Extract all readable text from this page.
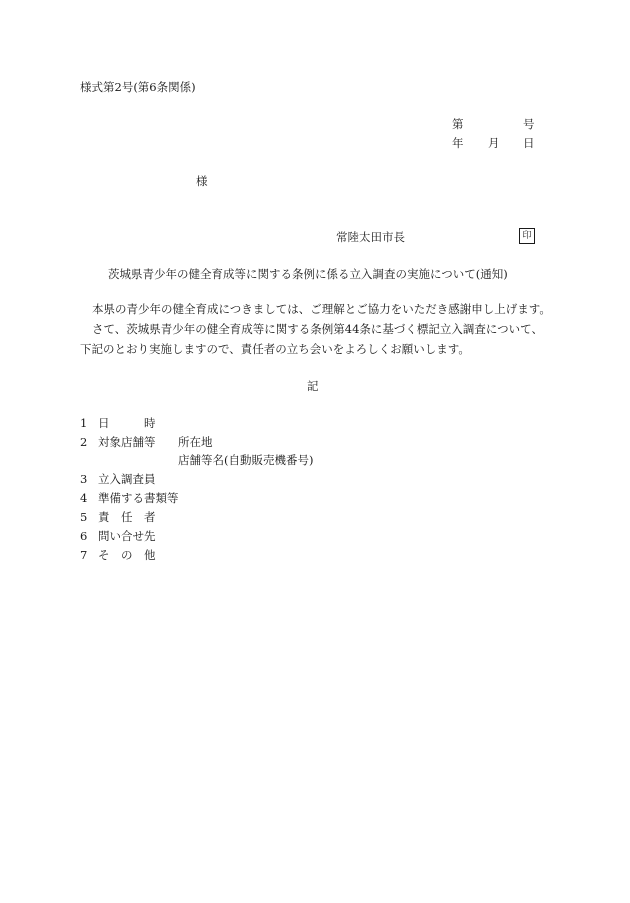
様式第2号(第6条関係)
第	号
年 月 日
様
常陸太田市長	印
茨城県青少年の健全育成等に関する条例に係る立入調査の実施について(通知)
本県の青少年の健全育成につきましては、ご理解とご協力をいただき感謝申し上げます。
さて、茨城県青少年の健全育成等に関する条例第44条に基づく標記立入調査について、
下記のとおり実施しますので、責任者の立ち会いをよろしくお願いします。
記
1 日　　　時
2 対象店舗等 所在地
店舗等名(自動販売機番号)
3 立入調査員
4 準備する書類等
5 責　任　者
6 問い合せ先
7 そ　の　他
